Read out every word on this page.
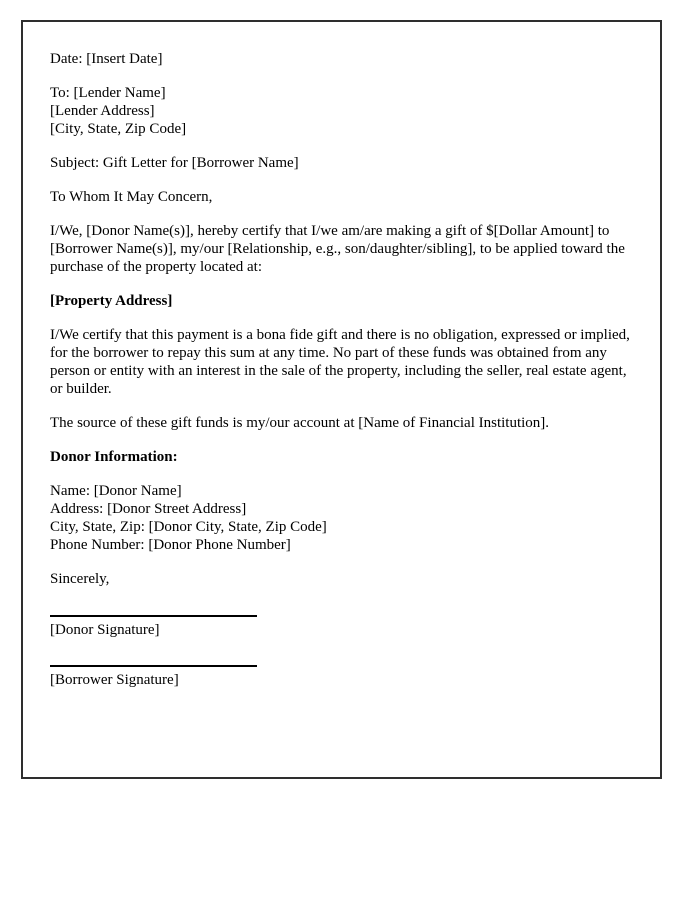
Date: [Insert Date]

To: [Lender Name]
[Lender Address]
[City, State, Zip Code]

Subject: Gift Letter for [Borrower Name]

To Whom It May Concern,

I/We, [Donor Name(s)], hereby certify that I/we am/are making a gift of $[Dollar Amount] to [Borrower Name(s)], my/our [Relationship, e.g., son/daughter/sibling], to be applied toward the purchase of the property located at:

[Property Address]

I/We certify that this payment is a bona fide gift and there is no obligation, expressed or implied, for the borrower to repay this sum at any time. No part of these funds was obtained from any person or entity with an interest in the sale of the property, including the seller, real estate agent, or builder.

The source of these gift funds is my/our account at [Name of Financial Institution].

Donor Information:

Name: [Donor Name]
Address: [Donor Street Address]
City, State, Zip: [Donor City, State, Zip Code]
Phone Number: [Donor Phone Number]

Sincerely,

[Donor Signature]
[Borrower Signature]
